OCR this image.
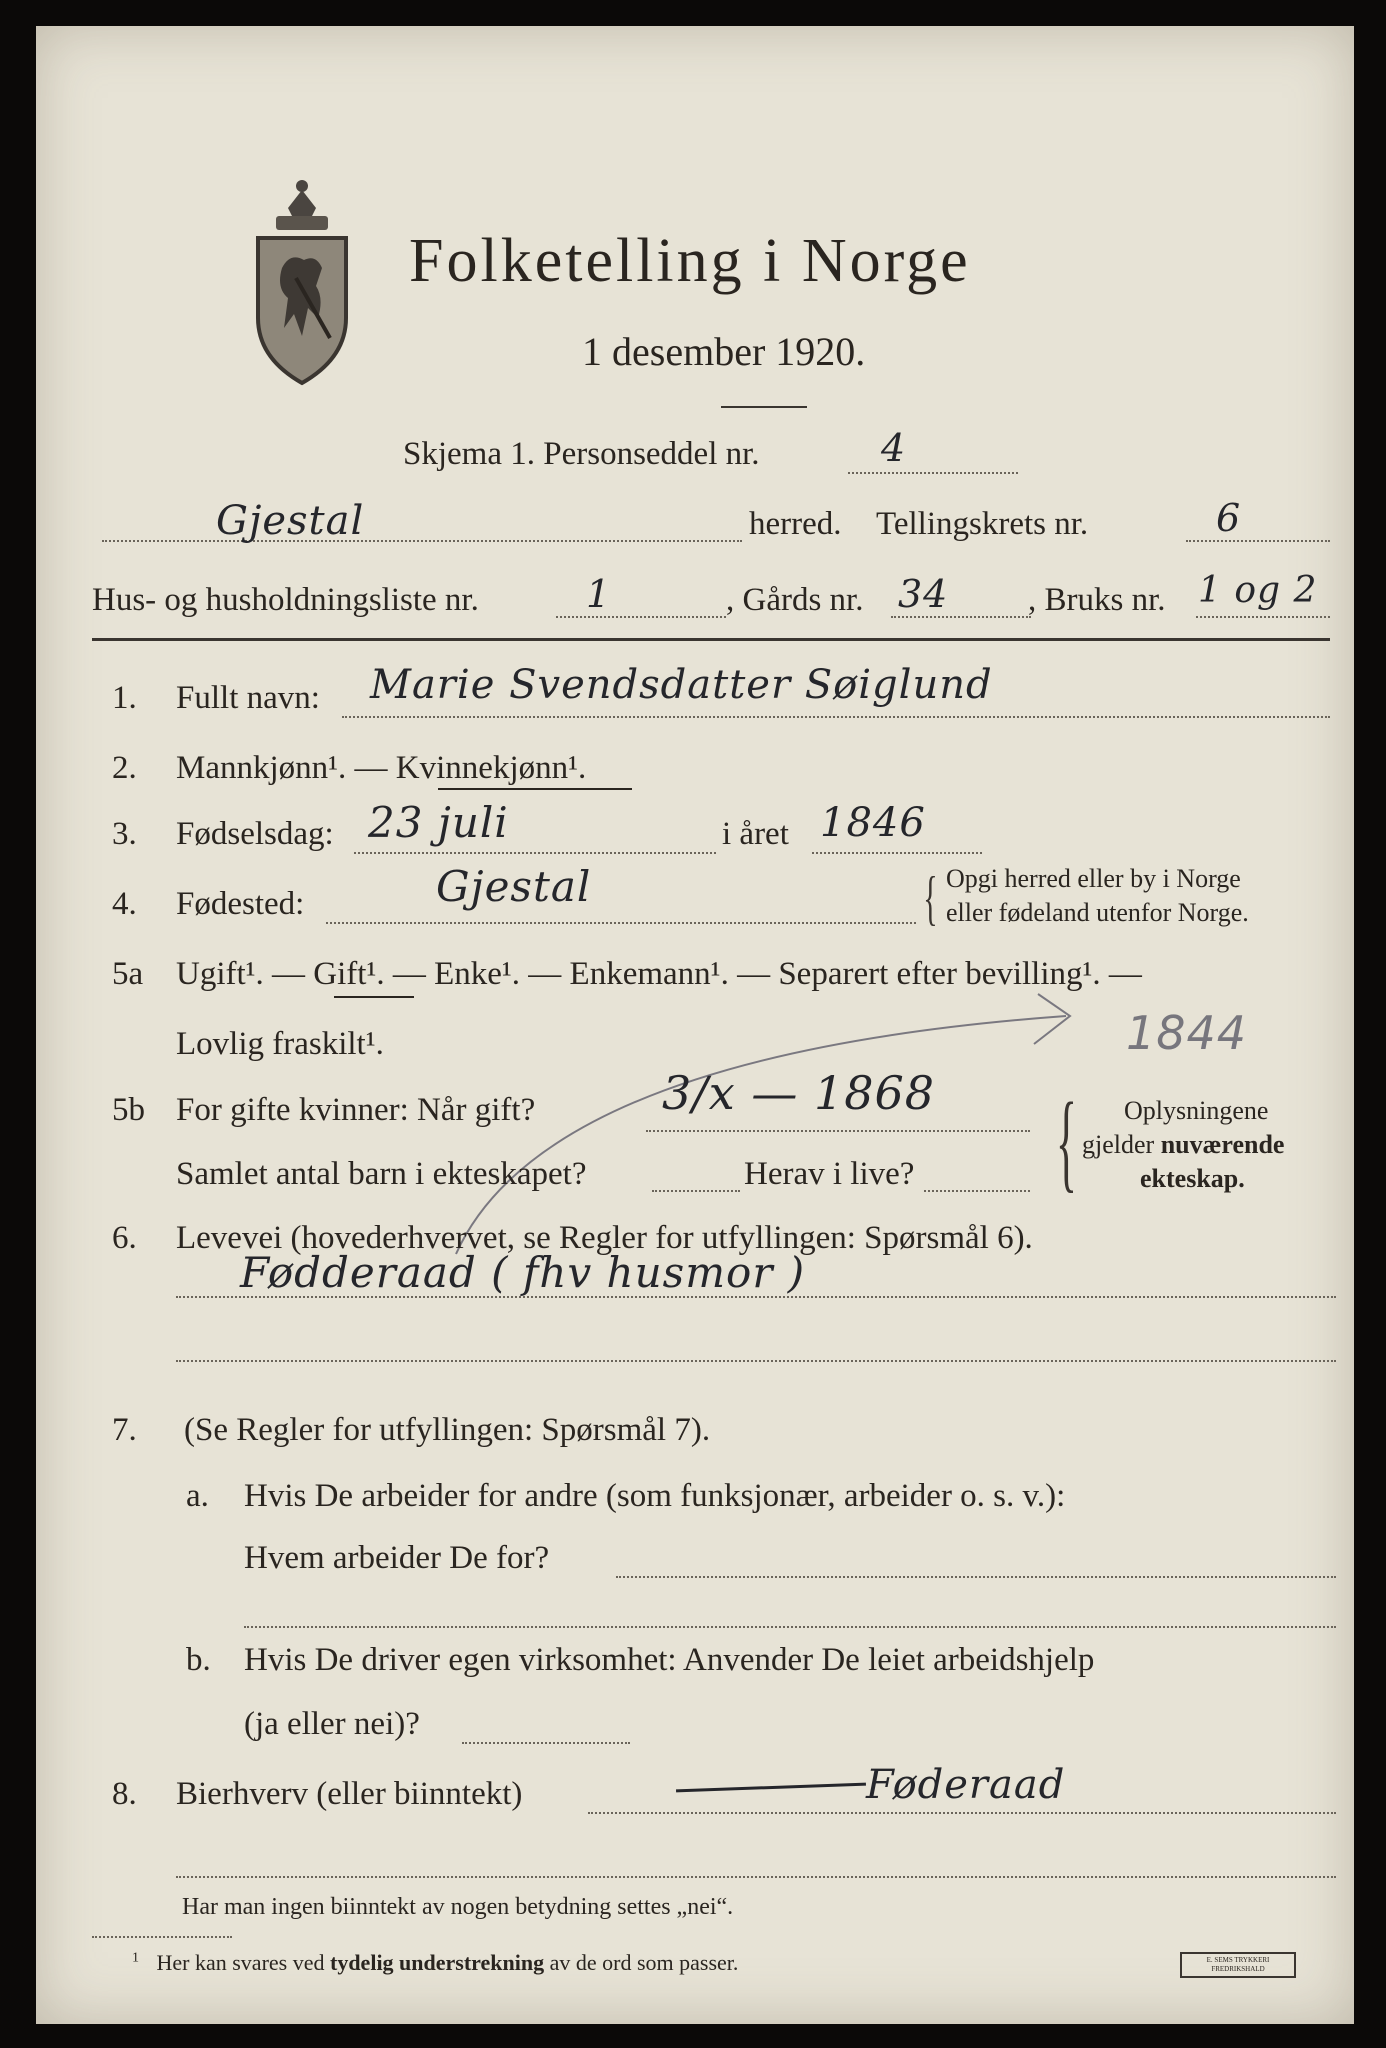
Folketelling i Norge
1 desember 1920.
Skjema 1. Personseddel nr.	4
Gjestal	herred. Tellingskrets nr.	6
Hus- og husholdningsliste nr.	1	, Gårds nr. 34 , Bruks nr. 1 og 2
1. Fullt navn: Marie Svendsdatter Søiglund
2. Mannkjønn¹. — Kvinnekjønn¹.
3. Fødselsdag: 23 juli	i året 1846
4. Fødested:	Gjestal	{ Opgi herred eller by i Norge
eller fødeland utenfor Norge.
5a Ugift¹. — Gift¹. — Enke¹. — Enkemann¹. — Separert efter bevilling¹. —
Lovlig fraskilt¹.	1844
5b For gifte kvinner: Når gift?	3/x — 1868
Samlet antal barn i ekteskapet?	Herav i live? { Oplysningene
gjelder nuværende
ekteskap.
6. Levevei (hovederhvervet, se Regler for utfyllingen: Spørsmål 6).
Fødderaad ( fhv husmor )
7. (Se Regler for utfyllingen: Spørsmål 7).
a. Hvis De arbeider for andre (som funksjonær, arbeider o. s. v.):
Hvem arbeider De for?
b. Hvis De driver egen virksomhet: Anvender De leiet arbeidshjelp
(ja eller nei)?
8. Bierhverv (eller biinntekt)	Føderaad
Har man ingen biinntekt av nogen betydning settes „nei“.
$^1$ Her kan svares ved tydelig understrekning av de ord som passer.	E. SEMS TRYKKERI FREDRIKSHALD
